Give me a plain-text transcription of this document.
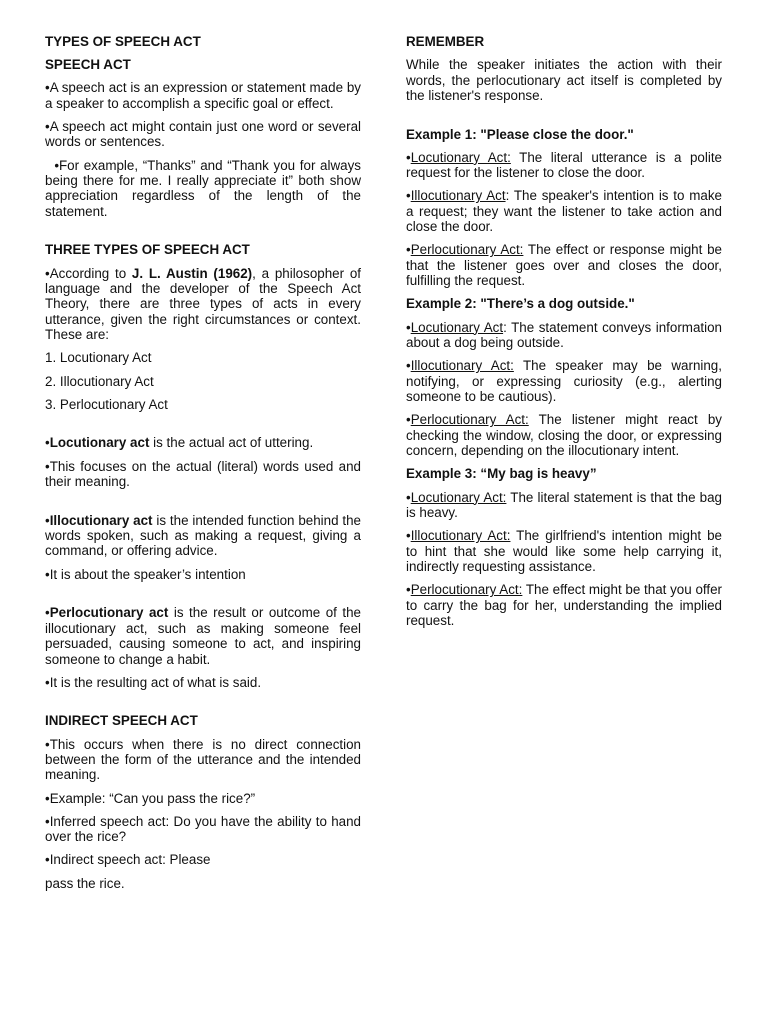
TYPES OF SPEECH ACT

SPEECH ACT

•A speech act is an expression or statement made by a speaker to accomplish a specific goal or effect.

•A speech act might contain just one word or several words or sentences.

•For example, “Thanks” and “Thank you for always being there for me. I really appreciate it” both show appreciation regardless of the length of the statement.

THREE TYPES OF SPEECH ACT

•According to J. L. Austin (1962), a philosopher of language and the developer of the Speech Act Theory, there are three types of acts in every utterance, given the right circumstances or context. These are:

1. Locutionary Act

2. Illocutionary Act

3. Perlocutionary Act

•Locutionary act is the actual act of uttering.

•This focuses on the actual (literal) words used and their meaning.

•Illocutionary act is the intended function behind the words spoken, such as making a request, giving a command, or offering advice.

•It is about the speaker’s intention

•Perlocutionary act is the result or outcome of the illocutionary act, such as making someone feel persuaded, causing someone to act, and inspiring someone to change a habit.

•It is the resulting act of what is said.

INDIRECT SPEECH ACT

•This occurs when there is no direct connection between the form of the utterance and the intended meaning.

•Example: “Can you pass the rice?”

•Inferred speech act: Do you have the ability to hand over the rice?

•Indirect speech act: Please

pass the rice.

REMEMBER

While the speaker initiates the action with their words, the perlocutionary act itself is completed by the listener's response.

Example 1: "Please close the door."

•Locutionary Act: The literal utterance is a polite request for the listener to close the door.

•Illocutionary Act: The speaker's intention is to make a request; they want the listener to take action and close the door.

•Perlocutionary Act: The effect or response might be that the listener goes over and closes the door, fulfilling the request.

Example 2: "There’s a dog outside."

•Locutionary Act: The statement conveys information about a dog being outside.

•Illocutionary Act: The speaker may be warning, notifying, or expressing curiosity (e.g., alerting someone to be cautious).

•Perlocutionary Act: The listener might react by checking the window, closing the door, or expressing concern, depending on the illocutionary intent.

Example 3: “My bag is heavy”

•Locutionary Act: The literal statement is that the bag is heavy.

•Illocutionary Act: The girlfriend's intention might be to hint that she would like some help carrying it, indirectly requesting assistance.

•Perlocutionary Act: The effect might be that you offer to carry the bag for her, understanding the implied request.
